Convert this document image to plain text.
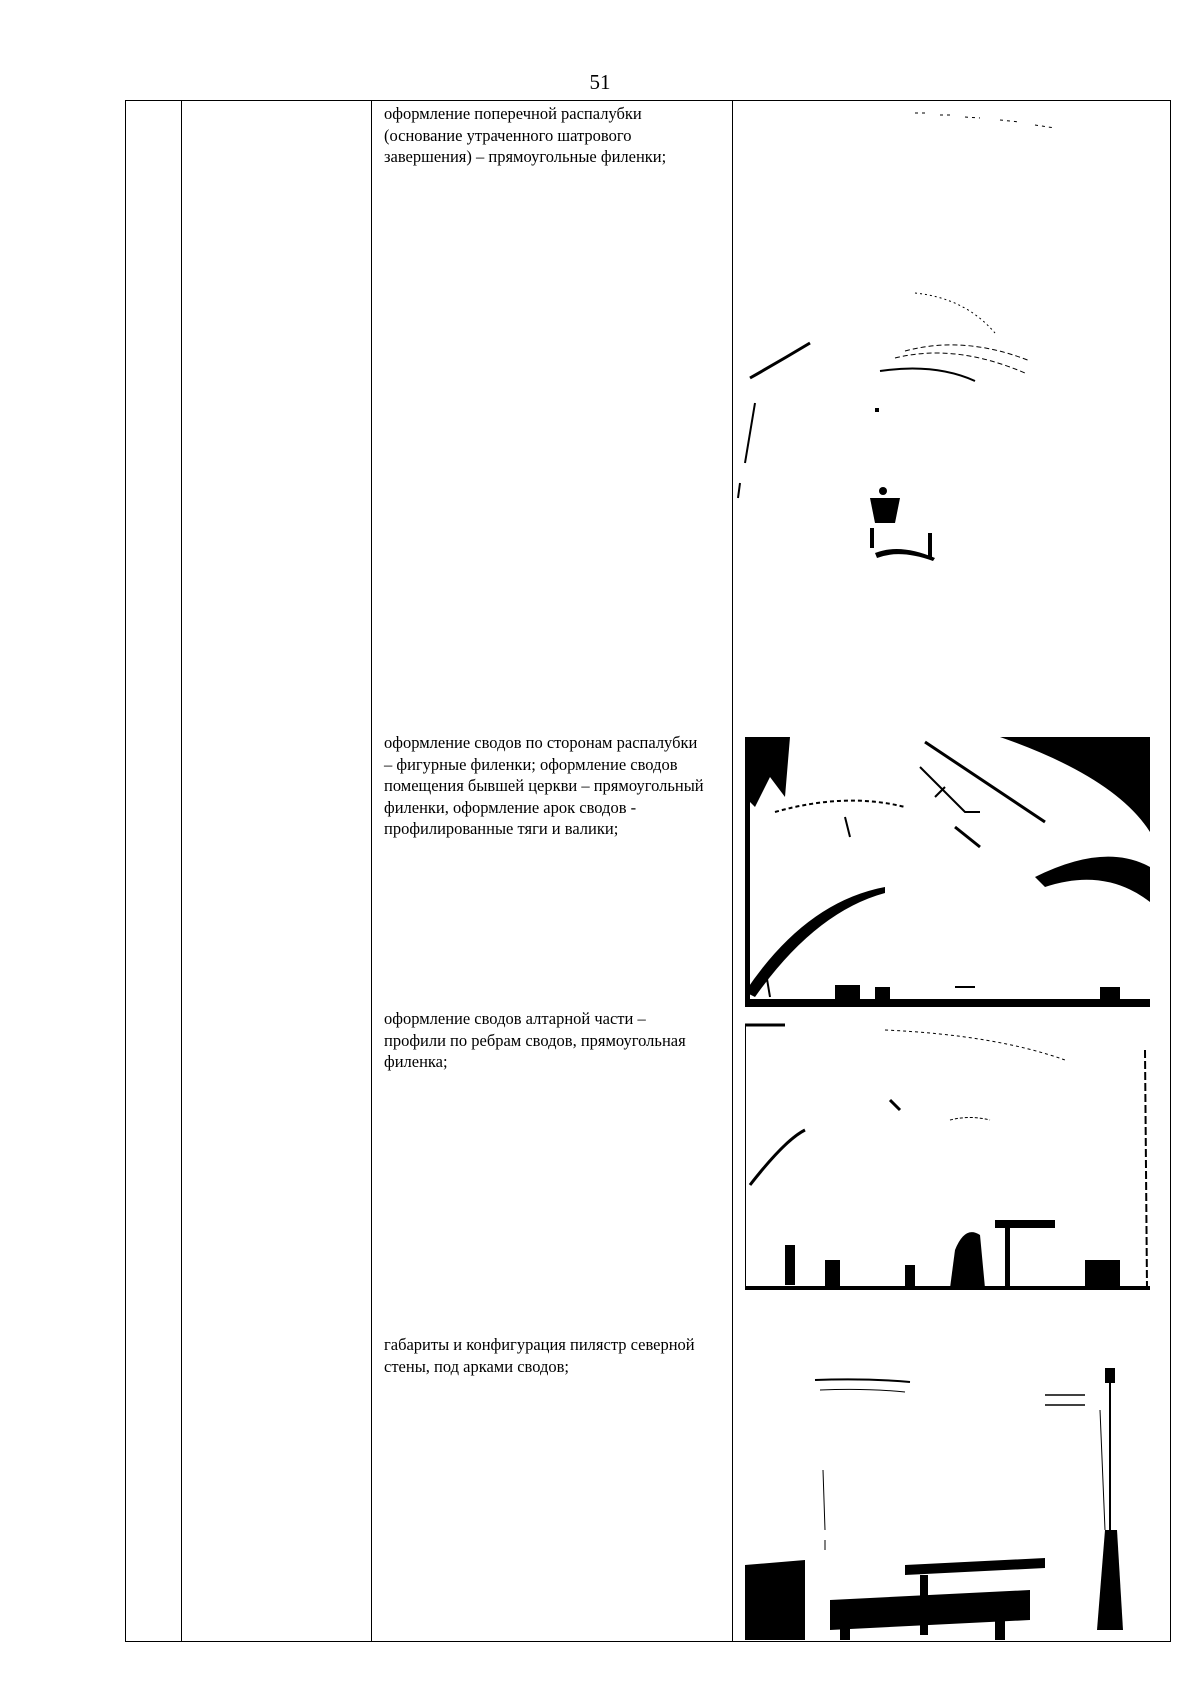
51
оформление поперечной распалубки (основание утраченного шатрового завершения) – прямоугольные филенки;
оформление сводов по сторонам распалубки – фигурные филенки; оформление сводов помещения бывшей церкви – прямоугольный филенки, оформление арок сводов - профилированные тяги и валики;
оформление сводов алтарной части – профили по ребрам сводов, прямоугольная филенка;
габариты и конфигурация пилястр северной стены, под арками сводов;
